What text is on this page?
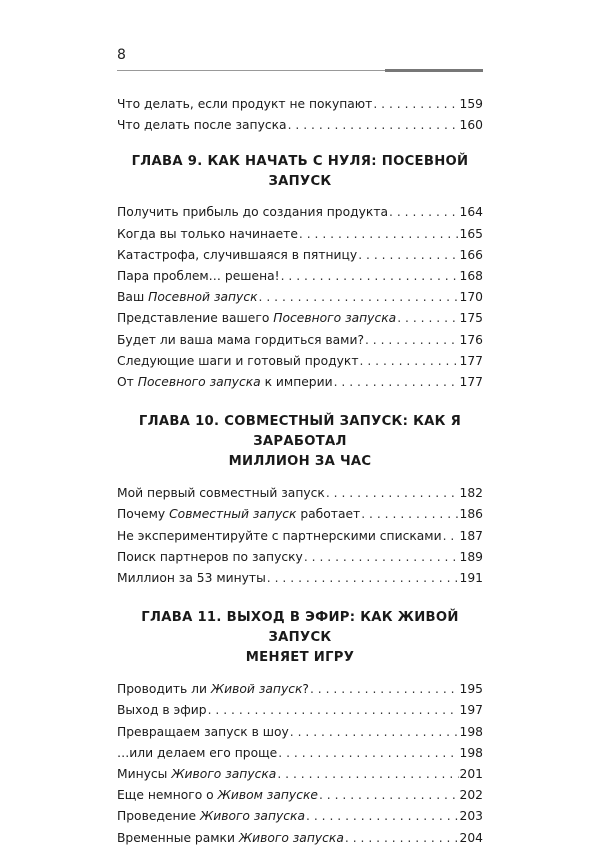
8
Что делать, если продукт не покупают . . .	159
Что делать после запуска . . .	160
ГЛАВА 9. КАК НАЧАТЬ С НУЛЯ: ПОСЕВНОЙ ЗАПУСК
Получить прибыль до создания продукта . . .	164
Когда вы только начинаете . . .	165
Катастрофа, случившаяся в пятницу . . .	166
Пара проблем… решена! . . .	168
Ваш Посевной запуск . . .	170
Представление вашего Посевного запуска . . .	175
Будет ли ваша мама гордиться вами? . . .	176
Следующие шаги и готовый продукт . . .	177
От Посевного запуска к империи . . .	177
ГЛАВА 10. СОВМЕСТНЫЙ ЗАПУСК: КАК Я ЗАРАБОТАЛ
МИЛЛИОН ЗА ЧАС
Мой первый совместный запуск . . .	182
Почему Совместный запуск работает . . .	186
Не экспериментируйте с партнерскими списками . . . 187
Поиск партнеров по запуску . . .	189
Миллион за 53 минуты . . .	191
ГЛАВА 11. ВЫХОД В ЭФИР: КАК ЖИВОЙ ЗАПУСК
МЕНЯЕТ ИГРУ
Проводить ли Живой запуск? . . .	195
Выход в эфир . . .	197
Превращаем запуск в шоу . . .	198
…или делаем его проще . . .	198
Минусы Живого запуска . . .	201
Еще немного о Живом запуске . . .	202
Проведение Живого запуска . . .	203
Временные рамки Живого запуска . . .	204
